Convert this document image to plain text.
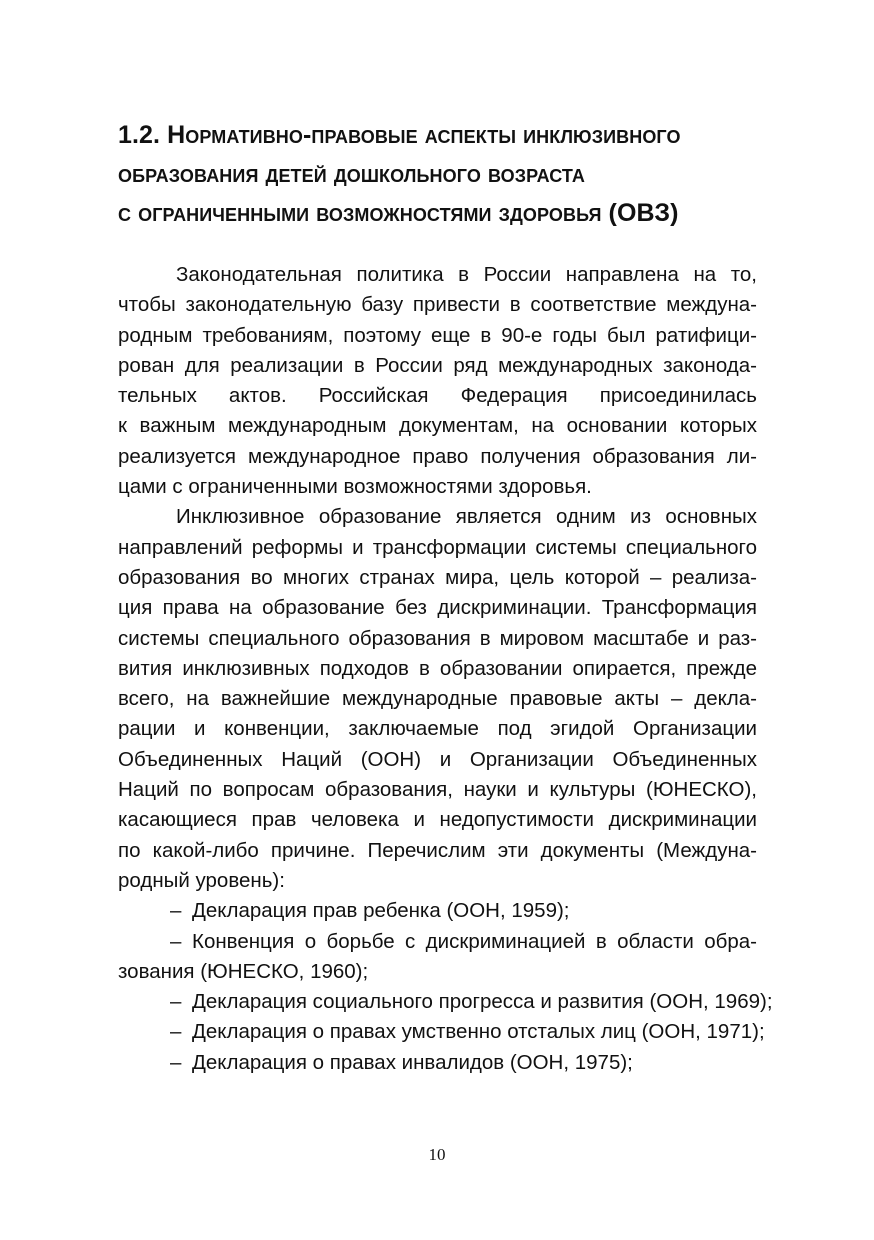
1.2. Нормативно-правовые аспекты инклюзивного
образования детей дошкольного возраста
с ограниченными возможностями здоровья (ОВЗ)
Законодательная политика в России направлена на то,
чтобы законодательную базу привести в соответствие междуна-
родным требованиям, поэтому еще в 90-е годы был ратифици-
рован для реализации в России ряд международных законода-
тельных актов. Российская Федерация присоединилась
к важным международным документам, на основании которых
реализуется международное право получения образования ли-
цами с ограниченными возможностями здоровья.
Инклюзивное образование является одним из основных
направлений реформы и трансформации системы специального
образования во многих странах мира, цель которой – реализа-
ция права на образование без дискриминации. Трансформация
системы специального образования в мировом масштабе и раз-
вития инклюзивных подходов в образовании опирается, прежде
всего, на важнейшие международные правовые акты – декла-
рации и конвенции, заключаемые под эгидой Организации
Объединенных Наций (ООН) и Организации Объединенных
Наций по вопросам образования, науки и культуры (ЮНЕСКО),
касающиеся прав человека и недопустимости дискриминации
по какой-либо причине. Перечислим эти документы (Междуна-
родный уровень):
– Декларация прав ребенка (ООН, 1959);
– Конвенция о борьбе с дискриминацией в области обра-
зования (ЮНЕСКО, 1960);
– Декларация социального прогресса и развития (ООН, 1969);
– Декларация о правах умственно отсталых лиц (ООН, 1971);
– Декларация о правах инвалидов (ООН, 1975);
10
